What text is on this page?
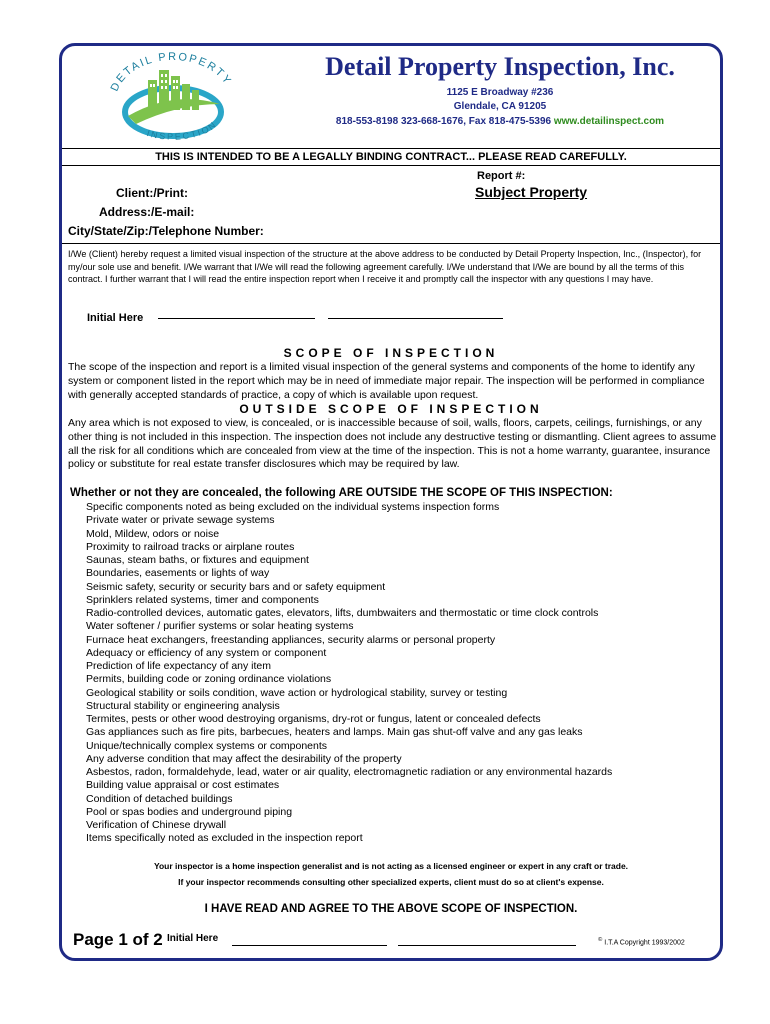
DETAIL PROPERTY
INSPECTION
Detail Property Inspection, Inc.
1125 E Broadway #236
Glendale, CA 91205
818-553-8198 323-668-1676, Fax 818-475-5396 www.detailinspect.com
THIS IS INTENDED TO BE A LEGALLY BINDING CONTRACT... PLEASE READ CAREFULLY.
Report #:
Client:/Print:	Subject Property
Address:/E-mail:
City/State/Zip:/Telephone Number:
I/We (Client) hereby request a limited visual inspection of the structure at the above address to be conducted by Detail Property Inspection, Inc., (Inspector), for my/our sole use and benefit. I/We warrant that I/We will read the following agreement carefully. I/We understand that I/We are bound by all the terms of this contract. I further warrant that I will read the entire inspection report when I receive it and promptly call the inspector with any questions I may have.
Initial Here
SCOPE OF INSPECTION
The scope of the inspection and report is a limited visual inspection of the general systems and components of the home to identify any system or component listed in the report which may be in need of immediate major repair. The inspection will be performed in compliance with generally accepted standards of practice, a copy of which is available upon request.
OUTSIDE SCOPE OF INSPECTION
Any area which is not exposed to view, is concealed, or is inaccessible because of soil, walls, floors, carpets, ceilings, furnishings, or any other thing is not included in this inspection. The inspection does not include any destructive testing or dismantling. Client agrees to assume all the risk for all conditions which are concealed from view at the time of the inspection. This is not a home warranty, guarantee, insurance policy or substitute for real estate transfer disclosures which may be required by law.
Whether or not they are concealed, the following ARE OUTSIDE THE SCOPE OF THIS INSPECTION:
Specific components noted as being excluded on the individual systems inspection forms
Private water or private sewage systems
Mold, Mildew, odors or noise
Proximity to railroad tracks or airplane routes
Saunas, steam baths, or fixtures and equipment
Boundaries, easements or lights of way
Seismic safety, security or security bars and or safety equipment
Sprinklers related systems, timer and components
Radio-controlled devices, automatic gates, elevators, lifts, dumbwaiters and thermostatic or time clock controls
Water softener / purifier systems or solar heating systems
Furnace heat exchangers, freestanding appliances, security alarms or personal property
Adequacy or efficiency of any system or component
Prediction of life expectancy of any item
Permits, building code or zoning ordinance violations
Geological stability or soils condition, wave action or hydrological stability, survey or testing
Structural stability or engineering analysis
Termites, pests or other wood destroying organisms, dry-rot or fungus, latent or concealed defects
Gas appliances such as fire pits, barbecues, heaters and lamps. Main gas shut-off valve and any gas leaks
Unique/technically complex systems or components
Any adverse condition that may affect the desirability of the property
Asbestos, radon, formaldehyde, lead, water or air quality, electromagnetic radiation or any environmental hazards
Building value appraisal or cost estimates
Condition of detached buildings
Pool or spas bodies and underground piping
Verification of Chinese drywall
Items specifically noted as excluded in the inspection report
Your inspector is a home inspection generalist and is not acting as a licensed engineer or expert in any craft or trade.
If your inspector recommends consulting other specialized experts, client must do so at client's expense.
I HAVE READ AND AGREE TO THE ABOVE SCOPE OF INSPECTION.
Page 1 of 2 Initial Here	© I.T.A Copyright 1993/2002
